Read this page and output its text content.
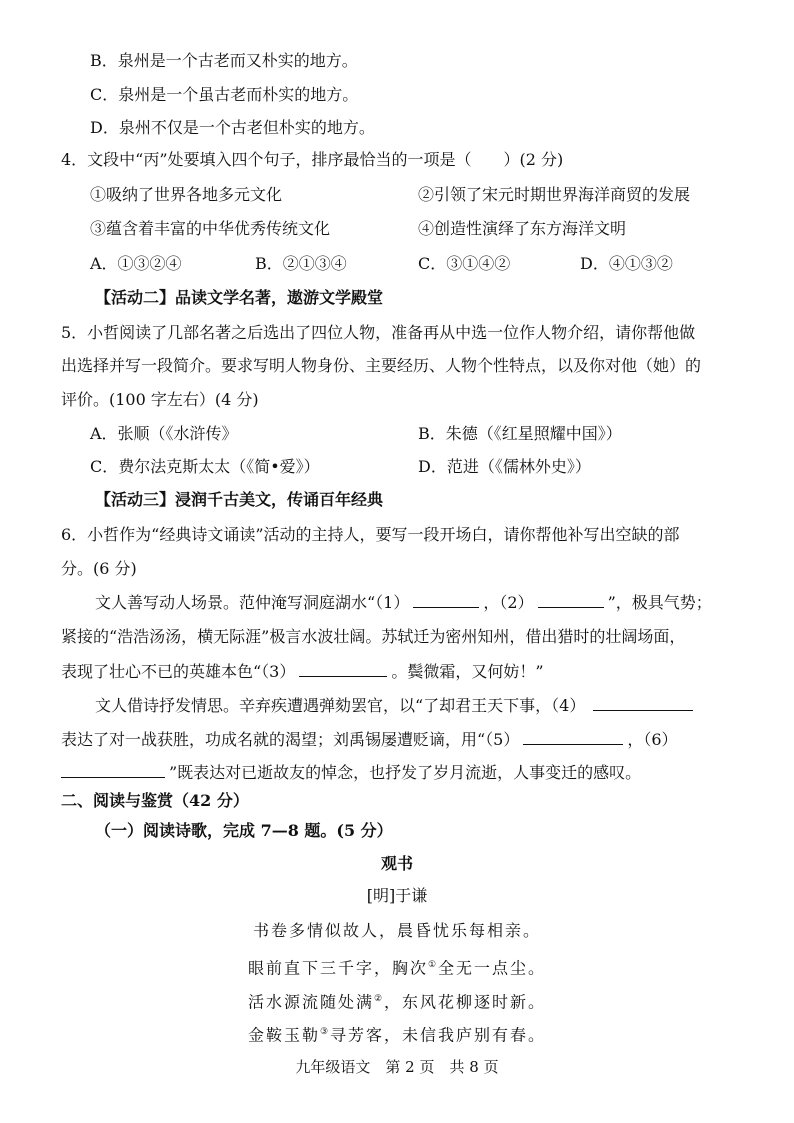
B．泉州是一个古老而又朴实的地方。
C．泉州是一个虽古老而朴实的地方。
D．泉州不仅是一个古老但朴实的地方。
4．文段中“丙”处要填入四个句子，排序最恰当的一项是（　　）(2 分)
①吸纳了世界各地多元文化	②引领了宋元时期世界海洋商贸的发展
③蕴含着丰富的中华优秀传统文化	④创造性演绎了东方海洋文明
A．①③②④	B．②①③④	C．③①④②	D．④①③②
【活动二】品读文学名著，遨游文学殿堂
5．小哲阅读了几部名著之后选出了四位人物，准备再从中选一位作人物介绍，请你帮他做
出选择并写一段简介。要求写明人物身份、主要经历、人物个性特点，以及你对他（她）的
评价。(100 字左右）(4 分)
A．张顺（《水浒传》	B．朱德（《红星照耀中国》）
C．费尔法克斯太太（《简•爱》）	D．范进（《儒林外史》）
【活动三】浸润千古美文，传诵百年经典
6．小哲作为“经典诗文诵读”活动的主持人，要写一段开场白，请你帮他补写出空缺的部
分。(6 分)
文人善写动人场景。范仲淹写洞庭湖水“（1）	，（2）	”，极具气势；
紧接的“浩浩汤汤，横无际涯”极言水波壮阔。苏轼迁为密州知州，借出猎时的壮阔场面，
表现了壮心不已的英雄本色“（3）	。鬓微霜，又何妨！”
文人借诗抒发情思。辛弃疾遭遇弹劾罢官，以“了却君王天下事，（4）
表达了对一战获胜，功成名就的渴望；刘禹锡屡遭贬谪，用“（5）	，（6）
”既表达对已逝故友的悼念，也抒发了岁月流逝，人事变迁的感叹。
二、阅读与鉴赏（42 分）
（一）阅读诗歌，完成 7—8 题。(5 分）
观书
[明]于谦
书卷多情似故人，晨昏忧乐每相亲。
眼前直下三千字，胸次①全无一点尘。
活水源流随处满②，东风花柳逐时新。
金鞍玉勒③寻芳客，未信我庐别有春。
九年级语文　第 2 页　共 8 页
